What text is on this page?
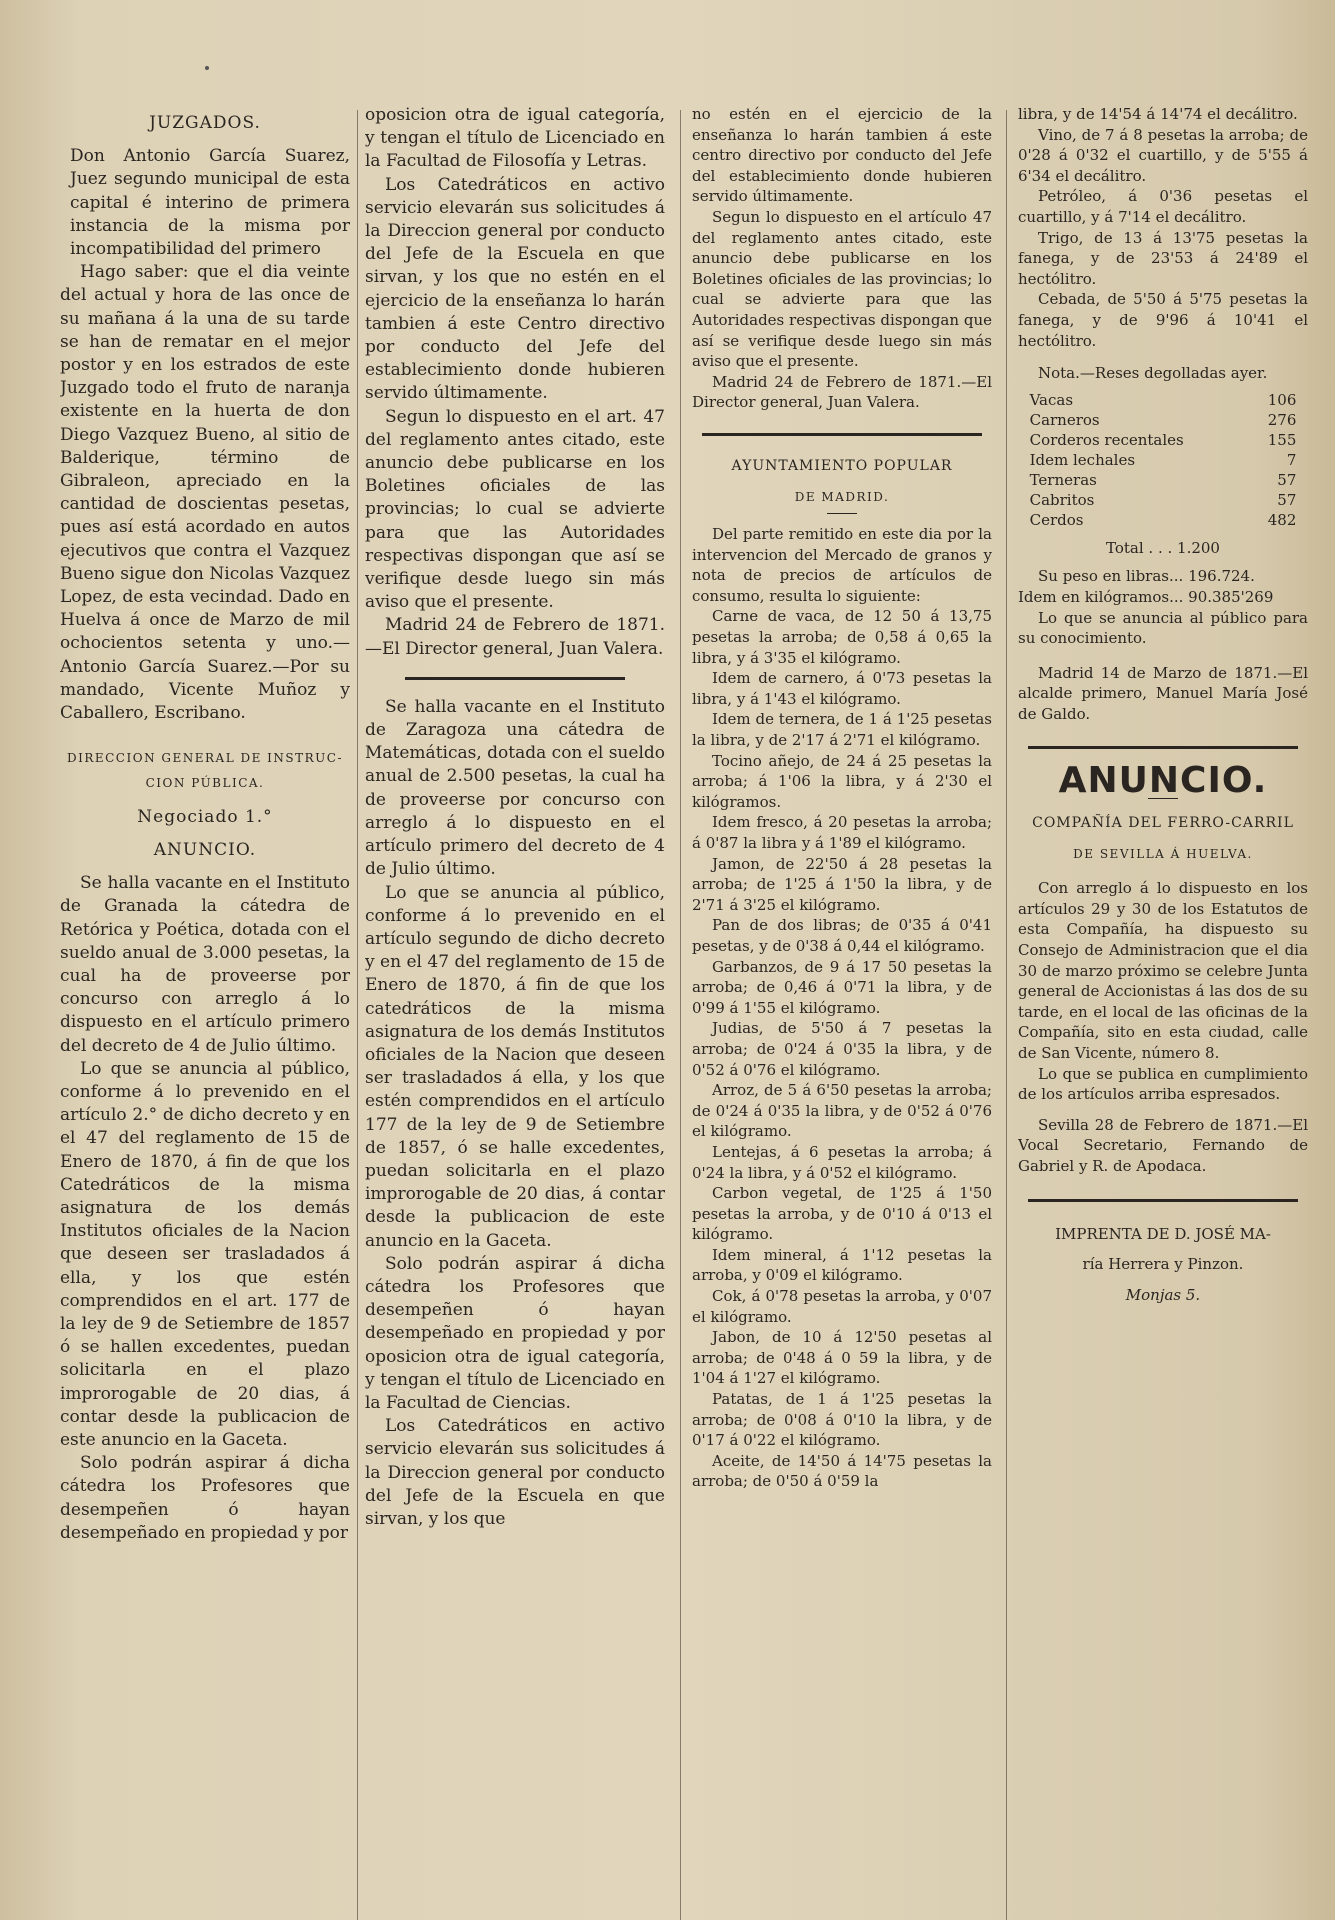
JUZGADOS.

Don Antonio García Suarez, Juez segundo municipal de esta capital é interino de primera instancia de la misma por incompatibilidad del primero

Hago saber: que el dia veinte del actual y hora de las once de su mañana á la una de su tarde se han de rematar en el mejor postor y en los estrados de este Juzgado todo el fruto de naranja existente en la huerta de don Diego Vazquez Bueno, al sitio de Balderique, término de Gibraleon, apreciado en la cantidad de doscientas pesetas, pues así está acordado en autos ejecutivos que contra el Vazquez Bueno sigue don Nicolas Vazquez Lopez, de esta vecindad. Dado en Huelva á once de Marzo de mil ochocientos setenta y uno.—Antonio García Suarez.—Por su mandado, Vicente Muñoz y Caballero, Escribano.

DIRECCION GENERAL DE INSTRUC-
CION PÚBLICA.
Negociado 1.°
ANUNCIO.

Se halla vacante en el Instituto de Granada la cátedra de Retórica y Poética, dotada con el sueldo anual de 3.000 pesetas, la cual ha de proveerse por concurso con arreglo á lo dispuesto en el artículo primero del decreto de 4 de Julio último.

Lo que se anuncia al público, conforme á lo prevenido en el artículo 2.° de dicho decreto y en el 47 del reglamento de 15 de Enero de 1870, á fin de que los Catedráticos de la misma asignatura de los demás Institutos oficiales de la Nacion que deseen ser trasladados á ella, y los que estén comprendidos en el art. 177 de la ley de 9 de Setiembre de 1857 ó se hallen excedentes, puedan solicitarla en el plazo improrogable de 20 dias, á contar desde la publicacion de este anuncio en la Gaceta.

Solo podrán aspirar á dicha cátedra los Profesores que desempeñen ó hayan desempeñado en propiedad y por

oposicion otra de igual categoría, y tengan el título de Licenciado en la Facultad de Filosofía y Letras.

Los Catedráticos en activo servicio elevarán sus solicitudes á la Direccion general por conducto del Jefe de la Escuela en que sirvan, y los que no estén en el ejercicio de la enseñanza lo harán tambien á este Centro directivo por conducto del Jefe del establecimiento donde hubieren servido últimamente.

Segun lo dispuesto en el art. 47 del reglamento antes citado, este anuncio debe publicarse en los Boletines oficiales de las provincias; lo cual se advierte para que las Autoridades respectivas dispongan que así se verifique desde luego sin más aviso que el presente.

Madrid 24 de Febrero de 1871.—El Director general, Juan Valera.

Se halla vacante en el Instituto de Zaragoza una cátedra de Matemáticas, dotada con el sueldo anual de 2.500 pesetas, la cual ha de proveerse por concurso con arreglo á lo dispuesto en el artículo primero del decreto de 4 de Julio último.

Lo que se anuncia al público, conforme á lo prevenido en el artículo segundo de dicho decreto y en el 47 del reglamento de 15 de Enero de 1870, á fin de que los catedráticos de la misma asignatura de los demás Institutos oficiales de la Nacion que deseen ser trasladados á ella, y los que estén comprendidos en el artículo 177 de la ley de 9 de Setiembre de 1857, ó se halle excedentes, puedan solicitarla en el plazo improrogable de 20 dias, á contar desde la publicacion de este anuncio en la Gaceta.

Solo podrán aspirar á dicha cátedra los Profesores que desempeñen ó hayan desempeñado en propiedad y por oposicion otra de igual categoría, y tengan el título de Licenciado en la Facultad de Ciencias.

Los Catedráticos en activo servicio elevarán sus solicitudes á la Direccion general por conducto del Jefe de la Escuela en que sirvan, y los que

no estén en el ejercicio de la enseñanza lo harán tambien á este centro directivo por conducto del Jefe del establecimiento donde hubieren servido últimamente.

Segun lo dispuesto en el artículo 47 del reglamento antes citado, este anuncio debe publicarse en los Boletines oficiales de las provincias; lo cual se advierte para que las Autoridades respectivas dispongan que así se verifique desde luego sin más aviso que el presente.

Madrid 24 de Febrero de 1871.—El Director general, Juan Valera.

AYUNTAMIENTO POPULAR
DE MADRID.

Del parte remitido en este dia por la intervencion del Mercado de granos y nota de precios de artículos de consumo, resulta lo siguiente:

Carne de vaca, de 12 50 á 13,75 pesetas la arroba; de 0,58 á 0,65 la libra, y á 3'35 el kilógramo.

Idem de carnero, á 0'73 pesetas la libra, y á 1'43 el kilógramo.

Idem de ternera, de 1 á 1'25 pesetas la libra, y de 2'17 á 2'71 el kilógramo.

Tocino añejo, de 24 á 25 pesetas la arroba; á 1'06 la libra, y á 2'30 el kilógramos.

Idem fresco, á 20 pesetas la arroba; á 0'87 la libra y á 1'89 el kilógramo.

Jamon, de 22'50 á 28 pesetas la arroba; de 1'25 á 1'50 la libra, y de 2'71 á 3'25 el kilógramo.

Pan de dos libras; de 0'35 á 0'41 pesetas, y de 0'38 á 0,44 el kilógramo.

Garbanzos, de 9 á 17 50 pesetas la arroba; de 0,46 á 0'71 la libra, y de 0'99 á 1'55 el kilógramo.

Judias, de 5'50 á 7 pesetas la arroba; de 0'24 á 0'35 la libra, y de 0'52 á 0'76 el kilógramo.

Arroz, de 5 á 6'50 pesetas la arroba; de 0'24 á 0'35 la libra, y de 0'52 á 0'76 el kilógramo.

Lentejas, á 6 pesetas la arroba; á 0'24 la libra, y á 0'52 el kilógramo.

Carbon vegetal, de 1'25 á 1'50 pesetas la arroba, y de 0'10 á 0'13 el kilógramo.

Idem mineral, á 1'12 pesetas la arroba, y 0'09 el kilógramo.

Cok, á 0'78 pesetas la arroba, y 0'07 el kilógramo.

Jabon, de 10 á 12'50 pesetas al arroba; de 0'48 á 0 59 la libra, y de 1'04 á 1'27 el kilógramo.

Patatas, de 1 á 1'25 pesetas la arroba; de 0'08 á 0'10 la libra, y de 0'17 á 0'22 el kilógramo.

Aceite, de 14'50 á 14'75 pesetas la arroba; de 0'50 á 0'59 la

libra, y de 14'54 á 14'74 el decálitro.

Vino, de 7 á 8 pesetas la arroba; de 0'28 á 0'32 el cuartillo, y de 5'55 á 6'34 el decálitro.

Petróleo, á 0'36 pesetas el cuartillo, y á 7'14 el decálitro.

Trigo, de 13 á 13'75 pesetas la fanega, y de 23'53 á 24'89 el hectólitro.

Cebada, de 5'50 á 5'75 pesetas la fanega, y de 9'96 á 10'41 el hectólitro.

Nota.—Reses degolladas ayer.

Vacas	106
Carneros	276
Corderos recentales	155
Idem lechales	7
Terneras	57
Cabritos	57
Cerdos	482
Total . . . 1.200

Su peso en libras... 196.724.

Idem en kilógramos... 90.385'269

Lo que se anuncia al público para su conocimiento.

Madrid 14 de Marzo de 1871.—El alcalde primero, Manuel María José de Galdo.

ANUNCIO.
COMPAÑÍA DEL FERRO-CARRIL
DE SEVILLA Á HUELVA.

Con arreglo á lo dispuesto en los artículos 29 y 30 de los Estatutos de esta Compañía, ha dispuesto su Consejo de Administracion que el dia 30 de marzo próximo se celebre Junta general de Accionistas á las dos de su tarde, en el local de las oficinas de la Compañía, sito en esta ciudad, calle de San Vicente, número 8.

Lo que se publica en cumplimiento de los artículos arriba espresados.

Sevilla 28 de Febrero de 1871.—El Vocal Secretario, Fernando de Gabriel y R. de Apodaca.

IMPRENTA DE D. JOSÉ MA-
ría Herrera y Pinzon.
Monjas 5.
